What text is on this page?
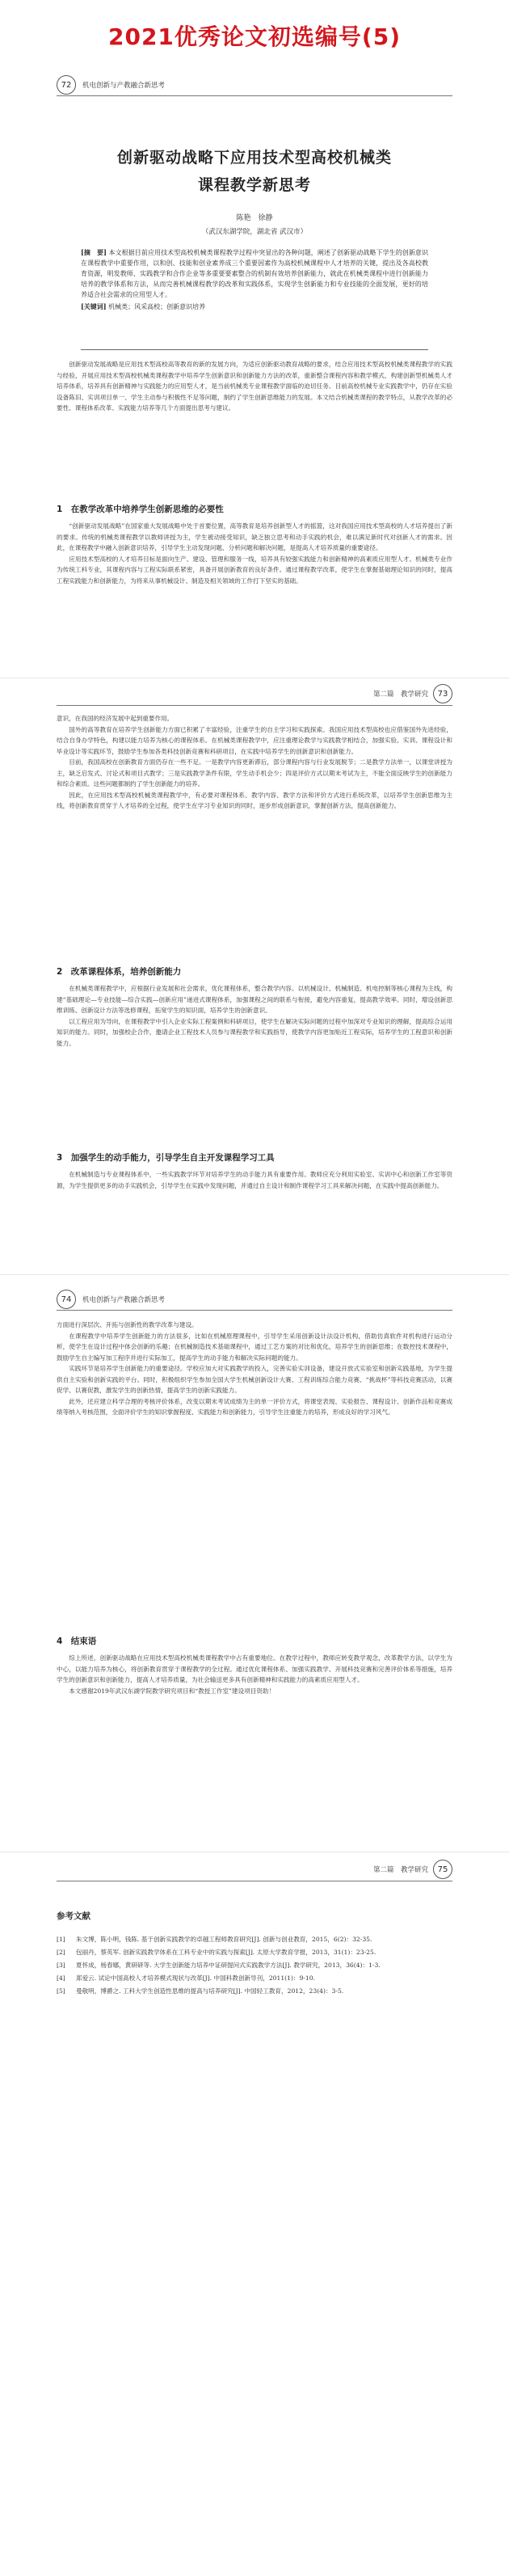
2021优秀论文初选编号(5)
72	机电创新与产教融合新思考
创新驱动战略下应用技术型高校机械类
课程教学新思考
陈艳　徐静
（武汉东湖学院，湖北省 武汉市）
[摘　要] 本文根据目前应用技术型高校机械类课程教学过程中突显出的各种问题，阐述了创新驱动战略下学生的创新意识在课程教学中重要作用，以和创、技能和创业素养成三个重要因素作为高校机械课程中人才培养的关键，提出及各高校教育资源，明发教师、实践教学和合作企业等多重要要素整合的机制有效培养创新能力，就此在机械类课程中进行创新能力培养的教学体系和方法，从而完善机械课程教学的改革和实践体系，实现学生创新能力和专业技能的全面发展，更好的培养适合社会需求的应用型人才。
[关键词] 机械类；风采高校；创新意识培养

创新驱动发展战略是应用技术型高校高等教育的新的发展方向，为适应创新驱动教育战略的要求，结合应用技术型高校机械类课程教学的实践与经验，开展应用技术型高校机械类课程教学中培养学生创新意识和创新能力方法的改革，重新整合课程内容和教学模式，构建创新型机械类人才培养体系，培养具有创新精神与实践能力的应用型人才，是当前机械类专业课程教学面临的迫切任务。目前高校机械专业实践教学中，仍存在实验设备陈旧、实训项目单一、学生主动参与积极性不足等问题，制约了学生创新思维能力的发展。本文结合机械类课程的教学特点，从教学改革的必要性、课程体系改革、实践能力培养等几个方面提出思考与建议。

1　在教学改革中培养学生创新思维的必要性

“创新驱动发展战略”在国家重大发展战略中处于首要位置，高等教育是培养创新型人才的摇篮，这对我国应用技术型高校的人才培养提出了新的要求。传统的机械类课程教学以教师讲授为主，学生被动接受知识，缺乏独立思考和动手实践的机会，难以满足新时代对创新人才的需求。因此，在课程教学中融入创新意识培养，引导学生主动发现问题、分析问题和解决问题，是提高人才培养质量的重要途径。

应用技术型高校的人才培养目标是面向生产、建设、管理和服务一线，培养具有较强实践能力和创新精神的高素质应用型人才。机械类专业作为传统工科专业，其课程内容与工程实际联系紧密，具备开展创新教育的良好条件。通过课程教学改革，使学生在掌握基础理论知识的同时，提高工程实践能力和创新能力，为将来从事机械设计、制造及相关领域的工作打下坚实的基础。

第二篇　教学研究	73

意识，在我国的经济发展中起到重要作用。

国外的高等教育在培养学生创新能力方面已积累了丰富经验，注重学生的自主学习和实践探索。我国应用技术型高校也应借鉴国外先进经验，结合自身办学特色，构建以能力培养为核心的课程体系。在机械类课程教学中，应注重理论教学与实践教学相结合，加强实验、实训、课程设计和毕业设计等实践环节，鼓励学生参加各类科技创新竞赛和科研项目，在实践中培养学生的创新意识和创新能力。

目前，我国高校在创新教育方面仍存在一些不足。一是教学内容更新滞后，部分课程内容与行业发展脱节；二是教学方法单一，以课堂讲授为主，缺乏启发式、讨论式和项目式教学；三是实践教学条件有限，学生动手机会少；四是评价方式以期末考试为主，不能全面反映学生的创新能力和综合素质。这些问题都制约了学生创新能力的培养。

因此，在应用技术型高校机械类课程教学中，有必要对课程体系、教学内容、教学方法和评价方式进行系统改革，以培养学生创新思维为主线，将创新教育贯穿于人才培养的全过程，使学生在学习专业知识的同时，逐步形成创新意识，掌握创新方法，提高创新能力。

2　改革课程体系，培养创新能力

在机械类课程教学中，应根据行业发展和社会需求，优化课程体系，整合教学内容。以机械设计、机械制造、机电控制等核心课程为主线，构建“基础理论—专业技能—综合实践—创新应用”递进式课程体系，加强课程之间的联系与衔接，避免内容重复，提高教学效率。同时，增设创新思维训练、创新设计方法等选修课程，拓宽学生的知识面，培养学生的创新意识。

以工程应用为导向，在课程教学中引入企业实际工程案例和科研项目，使学生在解决实际问题的过程中加深对专业知识的理解，提高综合运用知识的能力。同时，加强校企合作，邀请企业工程技术人员参与课程教学和实践指导，使教学内容更加贴近工程实际，培养学生的工程意识和创新能力。

3　加强学生的动手能力，引导学生自主开发课程学习工具

在机械制造与专业课程体系中，一些实践教学环节对培养学生的动手能力具有重要作用。教师应充分利用实验室、实训中心和创新工作室等资源，为学生提供更多的动手实践机会，引导学生在实践中发现问题，并通过自主设计和制作课程学习工具来解决问题，在实践中提高创新能力。

74	机电创新与产教融合新思考

方面进行深层次、开拓与创新性的教学改革与建设。

在课程教学中培养学生创新能力的方法很多，比如在机械原理课程中，引导学生采用创新设计法设计机构，借助仿真软件对机构进行运动分析，使学生在设计过程中体会创新的乐趣；在机械制造技术基础课程中，通过工艺方案的对比和优化，培养学生的创新思维；在数控技术课程中，鼓励学生自主编写加工程序并进行实际加工，提高学生的动手能力和解决实际问题的能力。

实践环节是培养学生创新能力的重要途径。学校应加大对实践教学的投入，完善实验实训设备，建设开放式实验室和创新实践基地，为学生提供自主实验和创新实践的平台。同时，积极组织学生参加全国大学生机械创新设计大赛、工程训练综合能力竞赛、“挑战杯”等科技竞赛活动，以赛促学、以赛促教，激发学生的创新热情，提高学生的创新实践能力。

此外，还应建立科学合理的考核评价体系，改变以期末考试成绩为主的单一评价方式，将课堂表现、实验报告、课程设计、创新作品和竞赛成绩等纳入考核范围，全面评价学生的知识掌握程度、实践能力和创新能力，引导学生注重能力的培养，形成良好的学习风气。

4　结束语

综上所述，创新驱动战略在应用技术型高校机械类课程教学中占有重要地位。在教学过程中，教师应转变教学观念，改革教学方法，以学生为中心，以能力培养为核心，将创新教育贯穿于课程教学的全过程。通过优化课程体系、加强实践教学、开展科技竞赛和完善评价体系等措施，培养学生的创新意识和创新能力，提高人才培养质量，为社会输送更多具有创新精神和实践能力的高素质应用型人才。

本文感谢2019年武汉东湖学院教学研究项目和“教授工作室”建设项目资助！

第二篇　教学研究	75
参考文献
[1]	朱文博，陈小明，钱陈. 基于创新实践教学的卓越工程师教育研究[J]. 创新与创业教育，2015，6(2)：32-35.
[2]	包丽丹，蔡英军. 创新实践教学体系在工科专业中的实践与探索[J]. 太原大学教育学报，2013，31(1)：23-25.
[3]	夏怀成，杨春娜，黄研研等. 大学生创新能力培养中证研提问式实践教学方法[J]. 教学研究，2013，36(4)：1-3.
[4]	郑爱云. 试论中国高校人才培养模式现状与改革[J]. 中国科教创新导刊，2011(1)：9-10.
[5]	曼敬明，博爵之. 工科大学生创造性思维的提高与培养研究[J]. 中国轻工教育，2012，23(4)：3-5.
